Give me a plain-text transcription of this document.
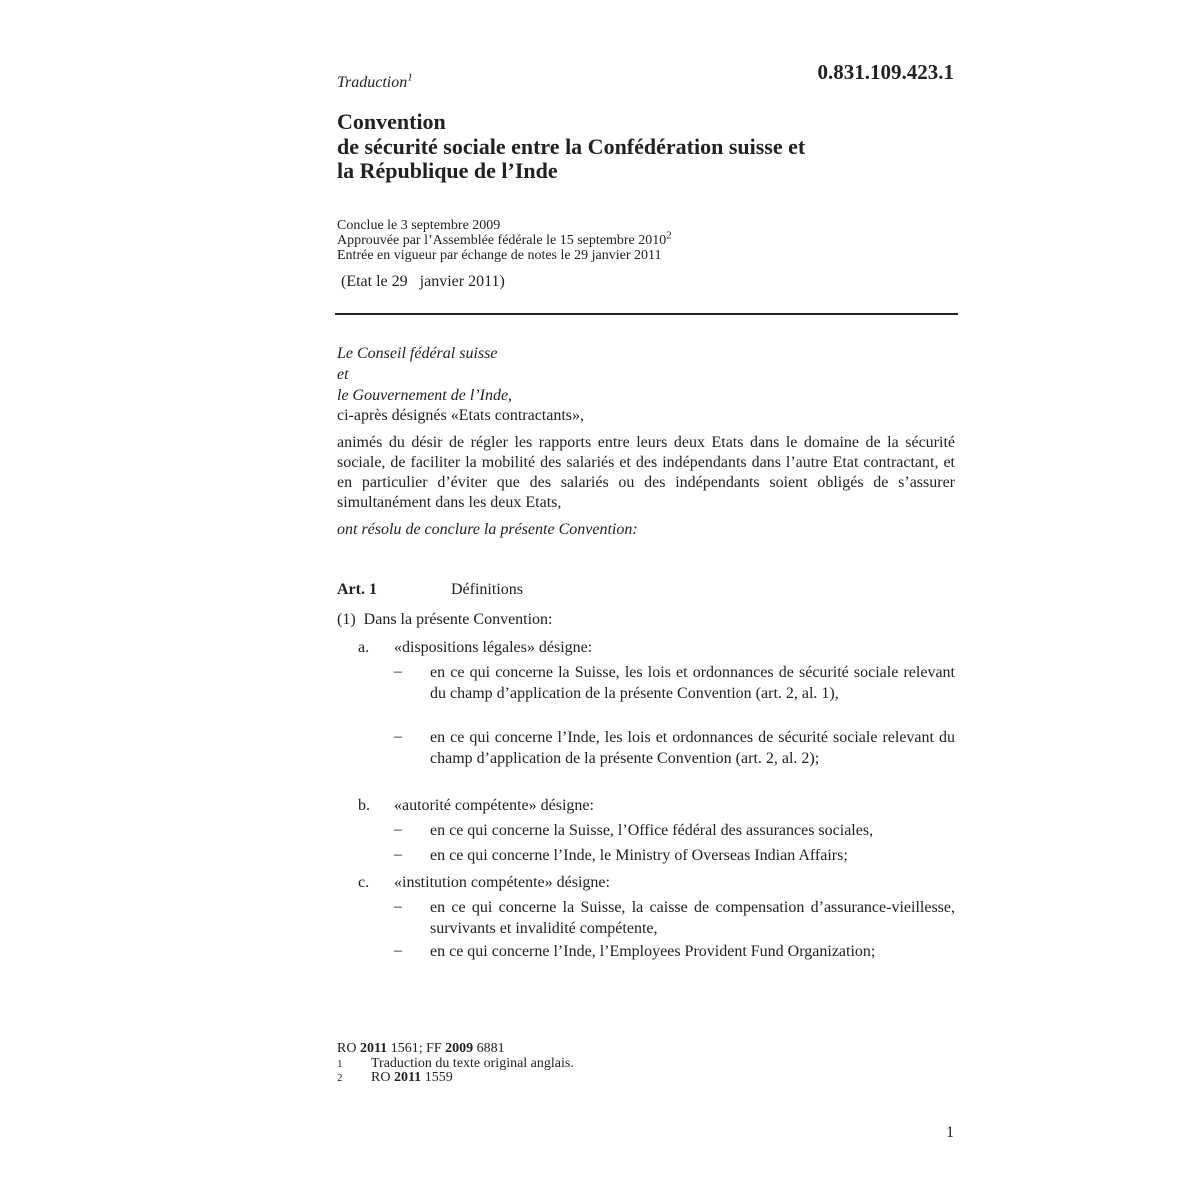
0.831.109.423.1
Traduction$^1$
Convention
de sécurité sociale entre la Confédération suisse et
la République de l’Inde
Conclue le 3 septembre 2009
Approuvée par l’Assemblée fédérale le 15 septembre 2010$^2$
Entrée en vigueur par échange de notes le 29 janvier 2011
(Etat le 29   janvier 2011)
Le Conseil fédéral suisse
et
le Gouvernement de l’Inde,
ci-après désignés «Etats contractants»,
animés du désir de régler les rapports entre leurs deux Etats dans le domaine de la sécurité sociale, de faciliter la mobilité des salariés et des indépendants dans l’autre Etat contractant, et en particulier d’éviter que des salariés ou des indépendants soient obligés de s’assurer simultanément dans les deux Etats,
ont résolu de conclure la présente Convention:
Art. 1	Définitions
(1)  Dans la présente Convention:
a. «dispositions légales» désigne:
– en ce qui concerne la Suisse, les lois et ordonnances de sécurité sociale relevant du champ d’application de la présente Convention (art. 2, al. 1),
– en ce qui concerne l’Inde, les lois et ordonnances de sécurité sociale relevant du champ d’application de la présente Convention (art. 2, al. 2);
b. «autorité compétente» désigne:
– en ce qui concerne la Suisse, l’Office fédéral des assurances sociales,
– en ce qui concerne l’Inde, le Ministry of Overseas Indian Affairs;
c. «institution compétente» désigne:
– en ce qui concerne la Suisse, la caisse de compensation d’assurance-vieillesse, survivants et invalidité compétente,
– en ce qui concerne l’Inde, l’Employees Provident Fund Organization;
RO 2011 1561; FF 2009 6881
1 Traduction du texte original anglais.
2 RO 2011 1559
1
